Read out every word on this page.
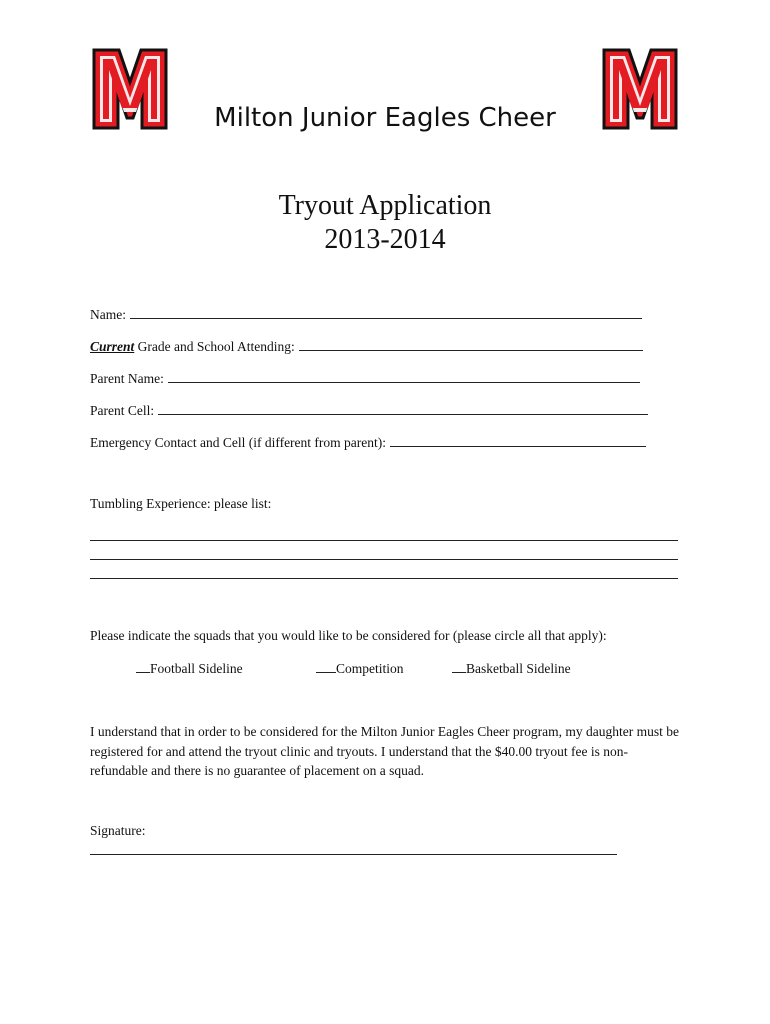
Milton Junior Eagles Cheer
Tryout Application
2013-2014
Name:
Current Grade and School Attending:
Parent Name:
Parent Cell:
Emergency Contact and Cell (if different from parent):
Tumbling Experience: please list:
Please indicate the squads that you would like to be considered for (please circle all that apply):
Football Sideline	Competition	Basketball Sideline
I understand that in order to be considered for the Milton Junior Eagles Cheer program, my daughter must be registered for and attend the tryout clinic and tryouts. I understand that the $40.00 tryout fee is non-refundable and there is no guarantee of placement on a squad.
Signature:
